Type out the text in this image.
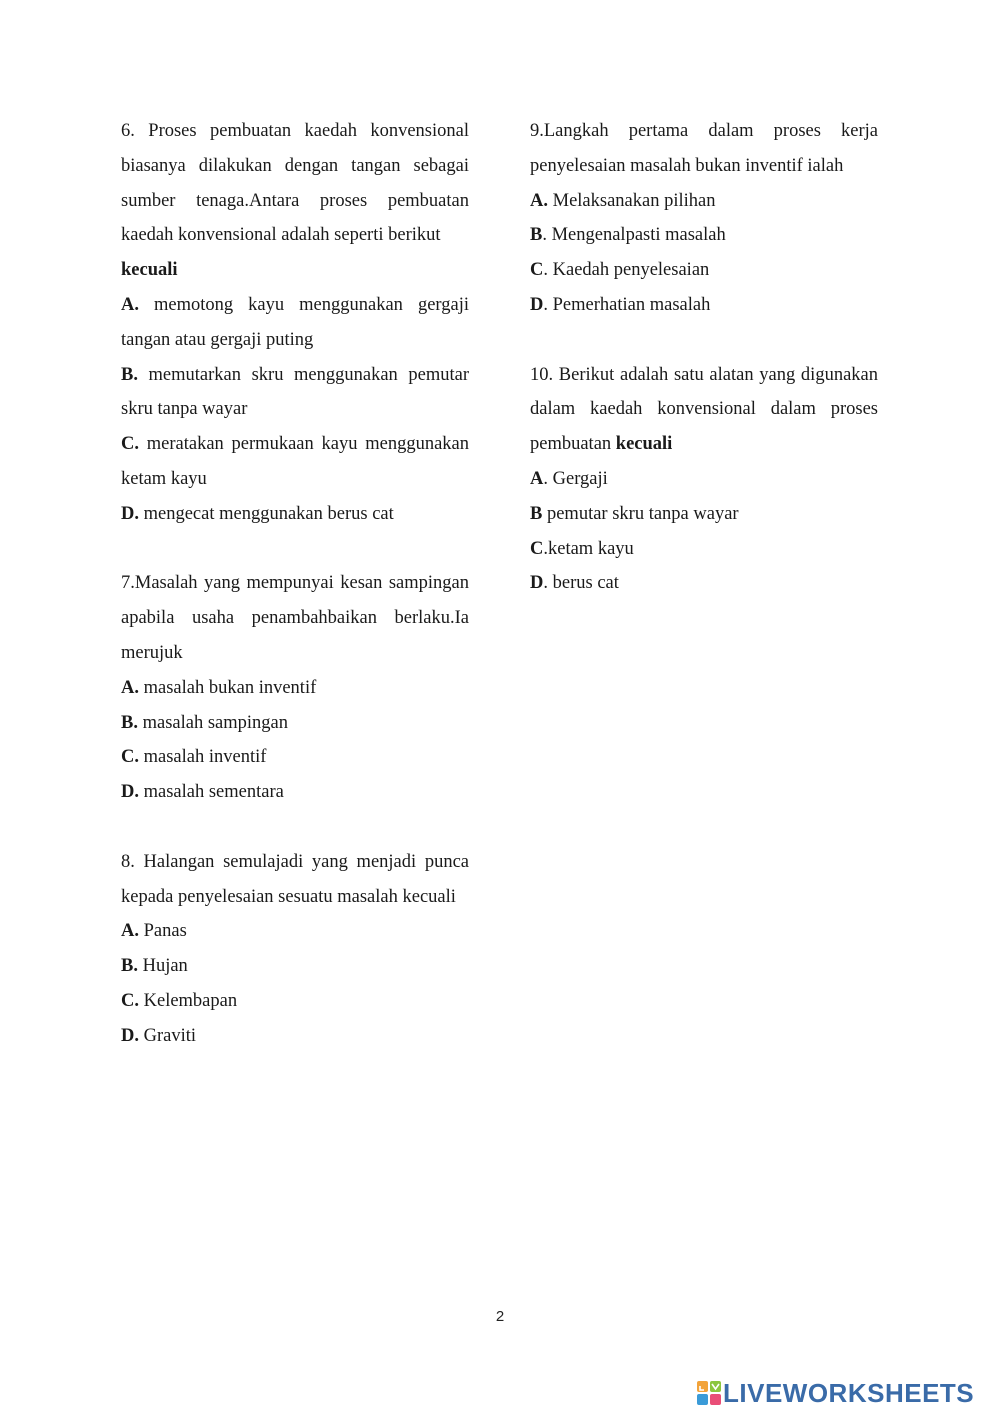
6. Proses pembuatan kaedah konvensional biasanya dilakukan dengan tangan sebagai sumber tenaga.Antara proses pembuatan kaedah konvensional adalah seperti berikut
kecuali
A. memotong kayu menggunakan gergaji tangan atau gergaji puting
B. memutarkan skru menggunakan pemutar skru tanpa wayar
C. meratakan permukaan kayu menggunakan ketam kayu
D. mengecat menggunakan berus cat
7.Masalah yang mempunyai kesan sampingan apabila usaha penambahbaikan berlaku.Ia merujuk
A. masalah bukan inventif
B. masalah sampingan
C. masalah inventif
D. masalah sementara
8. Halangan semulajadi yang menjadi punca kepada penyelesaian sesuatu masalah kecuali
A. Panas
B. Hujan
C. Kelembapan
D. Graviti
9.Langkah pertama dalam proses kerja penyelesaian masalah bukan inventif ialah
A. Melaksanakan pilihan
B. Mengenalpasti masalah
C. Kaedah penyelesaian
D. Pemerhatian masalah
10. Berikut adalah satu alatan yang digunakan dalam kaedah konvensional dalam proses pembuatan kecuali
A. Gergaji
B pemutar skru tanpa wayar
C.ketam kayu
D. berus cat
2
LIVEWORKSHEETS
